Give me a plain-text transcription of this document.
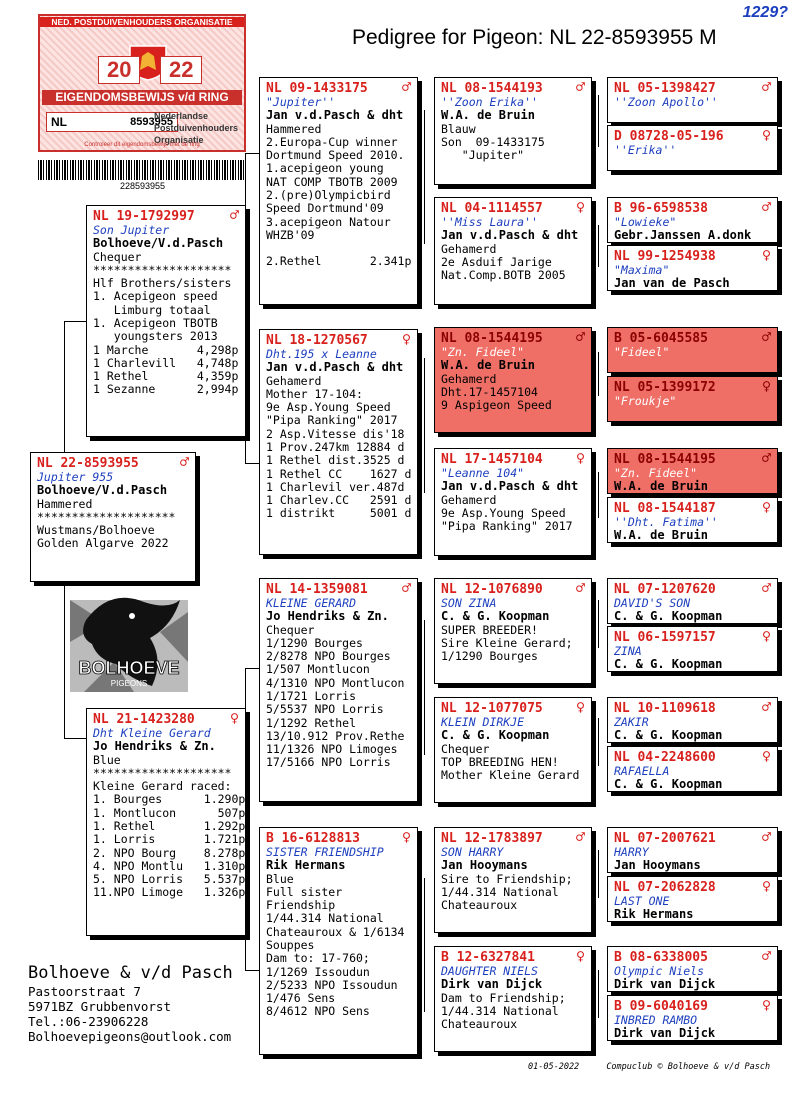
1229?
Pedigree for Pigeon: NL 22-8593955 M
NED. POSTDUIVENHOUDERS ORGANISATIE
20	22
EIGENDOMSBEWIJS v/d RING
NL	8593955
Nederlandse
Postduivenhouders
Organisatie
Controleer dit eigendomsbewijs met de ring
228593955
BOLHOEVE
PIGEONS
NL 22-8593955	♂
Jupiter 955
Bolhoeve/V.d.Pasch
Hammered
********************
Wustmans/Bolhoeve
Golden Algarve 2022
NL 19-1792997 ♂
Son Jupiter
Bolhoeve/V.d.Pasch
Chequer
********************
Hlf Brothers/sisters
1. Acepigeon speed
Limburg totaal
1. Acepigeon TBOTB
youngsters 2013
1 Marche       4,298p
1 Charlevill   4,748p
1 Rethel       4,359p
1 Sezanne      2,994p
NL 21-1423280 ♀
Dht Kleine Gerard
Jo Hendriks & Zn.
Blue
********************
Kleine Gerard raced:
1. Bourges      1.290p
1. Montlucon      507p
1. Rethel       1.292p
1. Lorris       1.721p
2. NPO Bourg    8.278p
4. NPO Montlu   1.310p
5. NPO Lorris   5.537p
11.NPO Limoge   1.326p
NL 09-1433175 ♂
"Jupiter''
Jan v.d.Pasch & dht
Hammered
2.Europa-Cup winner
Dortmund Speed 2010.
1.acepigeon young
NAT COMP TBOTB 2009
2.(pre)Olympicbird
Speed Dortmund'09
3.acepigeon Natour
WHZB'09

2.Rethel       2.341p
NL 18-1270567 ♀
Dht.195 x Leanne
Jan v.d.Pasch & dht
Gehamerd
Mother 17-104:
9e Asp.Young Speed
"Pipa Ranking" 2017
2 Asp.Vitesse dis'18
1 Prov.247km 12884 d
1 Rethel dist.3525 d
1 Rethel CC    1627 d
1 Charlevil ver.487d
1 Charlev.CC   2591 d
1 distrikt     5001 d
NL 14-1359081 ♂
KLEINE GERARD
Jo Hendriks & Zn.
Chequer
1/1290 Bourges
2/8278 NPO Bourges
1/507 Montlucon
4/1310 NPO Montlucon
1/1721 Lorris
5/5537 NPO Lorris
1/1292 Rethel
13/10.912 Prov.Rethe
11/1326 NPO Limoges
17/5166 NPO Lorris
B 16-6128813	♀
SISTER FRIENDSHIP
Rik Hermans
Blue
Full sister
Friendship
1/44.314 National
Chateauroux & 1/6134
Souppes
Dam to: 17-760;
1/1269 Issoudun
2/5233 NPO Issoudun
1/476 Sens
8/4612 NPO Sens
NL 08-1544193 ♂
''Zoon Erika''
W.A. de Bruin
Blauw
Son  09-1433175
"Jupiter"
NL 04-1114557 ♀
''Miss Laura''
Jan v.d.Pasch & dht
Gehamerd
2e Asduif Jarige
Nat.Comp.BOTB 2005
NL 08-1544195 ♂
"Zn. Fideel"
W.A. de Bruin
Gehamerd
Dht.17-1457104
9 Aspigeon Speed
NL 17-1457104 ♀
"Leanne 104"
Jan v.d.Pasch & dht
Gehamerd
9e Asp.Young Speed
"Pipa Ranking" 2017
NL 12-1076890 ♂
SON ZINA
C. & G. Koopman
SUPER BREEDER!
Sire Kleine Gerard;
1/1290 Bourges
NL 12-1077075 ♀
KLEIN DIRKJE
C. & G. Koopman
Chequer
TOP BREEDING HEN!
Mother Kleine Gerard
NL 12-1783897 ♂
SON HARRY
Jan Hooymans
Sire to Friendship;
1/44.314 National
Chateauroux
B 12-6327841	♀
DAUGHTER NIELS
Dirk van Dijck
Dam to Friendship;
1/44.314 National
Chateauroux
NL 05-1398427	♂
''Zoon Apollo''
D 08728-05-196	♀
''Erika''
B 96-6598538	♂
"Lowieke"
Gebr.Janssen A.donk
NL 99-1254938	♀
"Maxima"
Jan van de Pasch
B 05-6045585	♂
"Fideel"
NL 05-1399172	♀
"Froukje"
NL 08-1544195	♂
"Zn. Fideel"
W.A. de Bruin
NL 08-1544187	♀
''Dht. Fatima''
W.A. de Bruin
NL 07-1207620	♂
DAVID'S SON
C. & G. Koopman
NL 06-1597157	♀
ZINA
C. & G. Koopman
NL 10-1109618	♂
ZAKIR
C. & G. Koopman
NL 04-2248600	♀
RAFAELLA
C. & G. Koopman
NL 07-2007621	♂
HARRY
Jan Hooymans
NL 07-2062828	♀
LAST ONE
Rik Hermans
B 08-6338005	♂
Olympic Niels
Dirk van Dijck
B 09-6040169	♀
INBRED RAMBO
Dirk van Dijck
Bolhoeve & v/d Pasch
Pastoorstraat 7
5971BZ Grubbenvorst
Tel.:06-23906228
Bolhoevepigeons@outlook.com
01-05-2022	Compuclub © Bolhoeve & v/d Pasch
